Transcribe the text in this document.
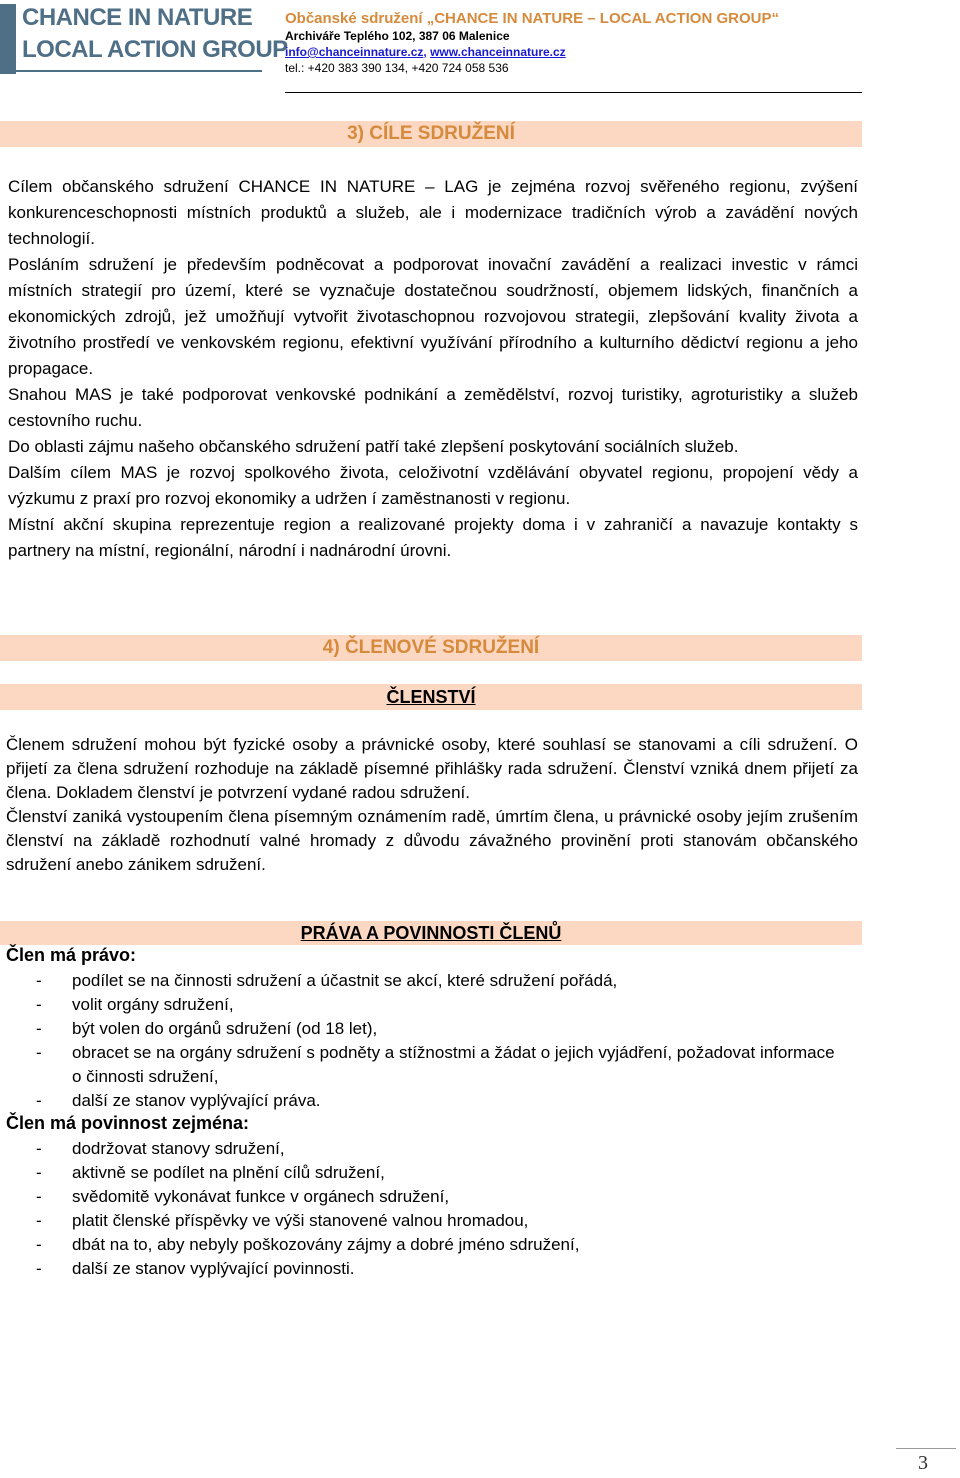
CHANCE IN NATURE
LOCAL ACTION GROUP
Občanské sdružení „CHANCE IN NATURE – LOCAL ACTION GROUP“
Archiváře Teplého 102, 387 06 Malenice
info@chanceinnature.cz, www.chanceinnature.cz
tel.: +420 383 390 134, +420 724 058 536
3) CÍLE SDRUŽENÍ

Cílem občanského sdružení CHANCE IN NATURE – LAG je zejména rozvoj svěřeného regionu, zvýšení konkurenceschopnosti místních produktů a služeb, ale i modernizace tradičních výrob a zavádění nových technologií.

Posláním sdružení je především podněcovat a podporovat inovační zavádění a realizaci investic v rámci místních strategií pro území, které se vyznačuje dostatečnou soudržností, objemem lidských, finančních a ekonomických zdrojů, jež umožňují vytvořit životaschopnou rozvojovou strategii, zlepšování kvality života a životního prostředí ve venkovském regionu, efektivní využívání přírodního a kulturního dědictví regionu a jeho propagace.

Snahou MAS je také podporovat venkovské podnikání a zemědělství, rozvoj turistiky, agroturistiky a služeb cestovního ruchu.

Do oblasti zájmu našeho občanského sdružení patří také zlepšení poskytování sociálních služeb.

Dalším cílem MAS je rozvoj spolkového života, celoživotní vzdělávání obyvatel regionu, propojení vědy a výzkumu z praxí pro rozvoj ekonomiky a udržen í zaměstnanosti v regionu.

Místní akční skupina reprezentuje region a realizované projekty doma i v zahraničí a navazuje kontakty s partnery na místní, regionální, národní i nadnárodní úrovni.

4) ČLENOVÉ SDRUŽENÍ
ČLENSTVÍ

Členem sdružení mohou být fyzické osoby a právnické osoby, které souhlasí se stanovami a cíli sdružení. O přijetí za člena sdružení rozhoduje na základě písemné přihlášky rada sdružení. Členství vzniká dnem přijetí za člena. Dokladem členství je potvrzení vydané radou sdružení.

Členství zaniká vystoupením člena písemným oznámením radě, úmrtím člena, u právnické osoby jejím zrušením členství na základě rozhodnutí valné hromady z důvodu závažného provinění proti stanovám občanského sdružení anebo zánikem sdružení.

PRÁVA A POVINNOSTI ČLENŮ
Člen má právo:
- podílet se na činnosti sdružení a účastnit se akcí, které sdružení pořádá,
- volit orgány sdružení,
- být volen do orgánů sdružení (od 18 let),
- obracet se na orgány sdružení s podněty a stížnostmi a žádat o jejich vyjádření, požadovat informace o činnosti sdružení,
- další ze stanov vyplývající práva.
Člen má povinnost zejména:
- dodržovat stanovy sdružení,
- aktivně se podílet na plnění cílů sdružení,
- svědomitě vykonávat funkce v orgánech sdružení,
- platit členské příspěvky ve výši stanovené valnou hromadou,
- dbát na to, aby nebyly poškozovány zájmy a dobré jméno sdružení,
- další ze stanov vyplývající povinnosti.
3
